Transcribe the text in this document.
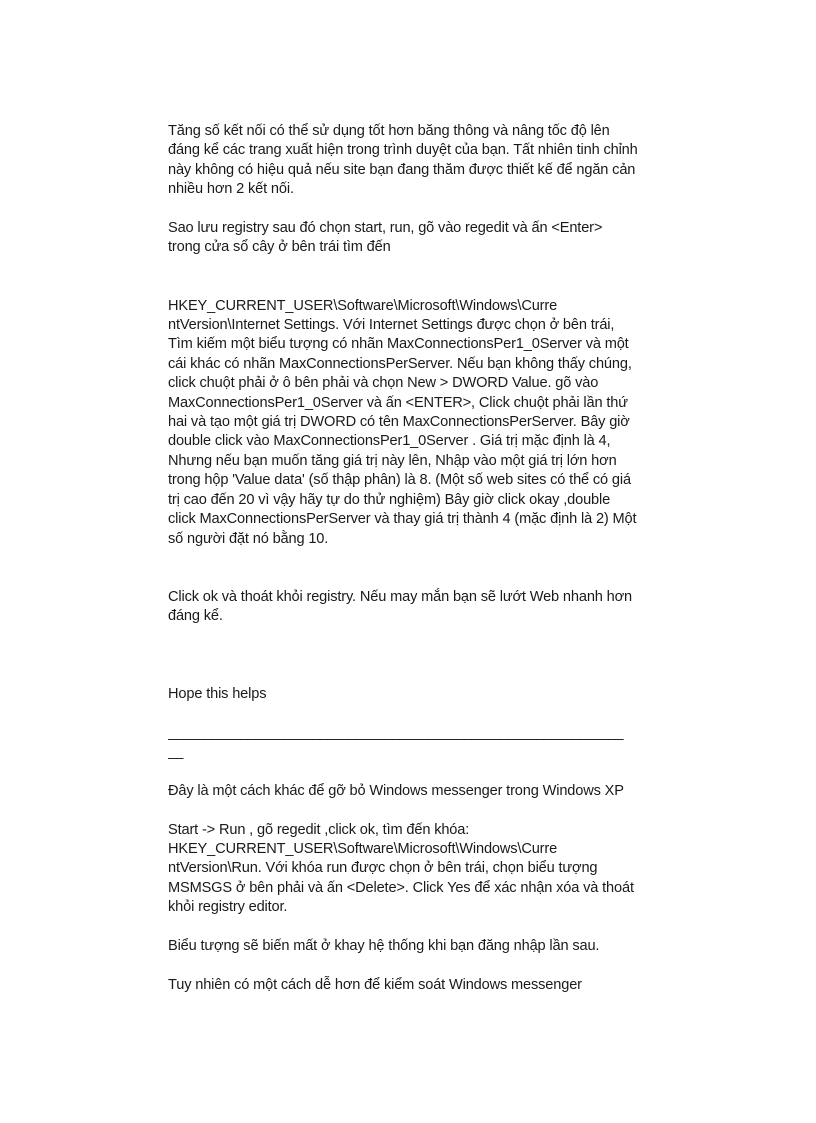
Tăng số kết nối có thể sử dụng tốt hơn băng thông và nâng tốc độ lên

đáng kể các trang xuất hiện trong trình duyệt của bạn. Tất nhiên tinh chỉnh

này không có hiệu quả nếu site bạn đang thăm được thiết kế để ngăn cản

nhiều hơn 2 kết nối.

Sao lưu registry sau đó chọn start, run, gõ vào regedit và ấn <Enter>

trong cửa sổ cây ở bên trái tìm đến

HKEY_CURRENT_USER\Software\Microsoft\Windows\Curre

ntVersion\Internet Settings. Với Internet Settings được chọn ở bên trái,

Tìm kiếm một biểu tượng có nhãn MaxConnectionsPer1_0Server và một

cái khác có nhãn MaxConnectionsPerServer. Nếu bạn không thấy chúng,

click chuột phải ở ô bên phải và chọn New > DWORD Value. gõ vào

MaxConnectionsPer1_0Server và ấn <ENTER>, Click chuột phải lần thứ

hai và tạo một giá trị DWORD có tên MaxConnectionsPerServer. Bây giờ

double click vào MaxConnectionsPer1_0Server . Giá trị mặc định là 4,

Nhưng nếu bạn muốn tăng giá trị này lên, Nhập vào một giá trị lớn hơn

trong hộp 'Value data' (số thập phân) là 8. (Một số web sites có thể có giá

trị cao đến 20 vì vậy hãy tự do thử nghiệm) Bây giờ click okay ,double

click MaxConnectionsPerServer và thay giá trị thành 4 (mặc định là 2) Một

số người đặt nó bằng 10.

Click ok và thoát khỏi registry. Nếu may mắn bạn sẽ lướt Web nhanh hơn

đáng kể.

Hope this helps

_______________________________________________________________

__

Đây là một cách khác để gỡ bỏ Windows messenger trong Windows XP

Start -> Run , gõ regedit ,click ok, tìm đến khóa:

HKEY_CURRENT_USER\Software\Microsoft\Windows\Curre

ntVersion\Run. Với khóa run được chọn ở bên trái, chọn biểu tượng

MSMSGS ở bên phải và ấn <Delete>. Click Yes để xác nhận xóa và thoát

khỏi registry editor.

Biểu tượng sẽ biến mất ở khay hệ thống khi bạn đăng nhập lần sau.

Tuy nhiên có một cách dễ hơn để kiểm soát Windows messenger
